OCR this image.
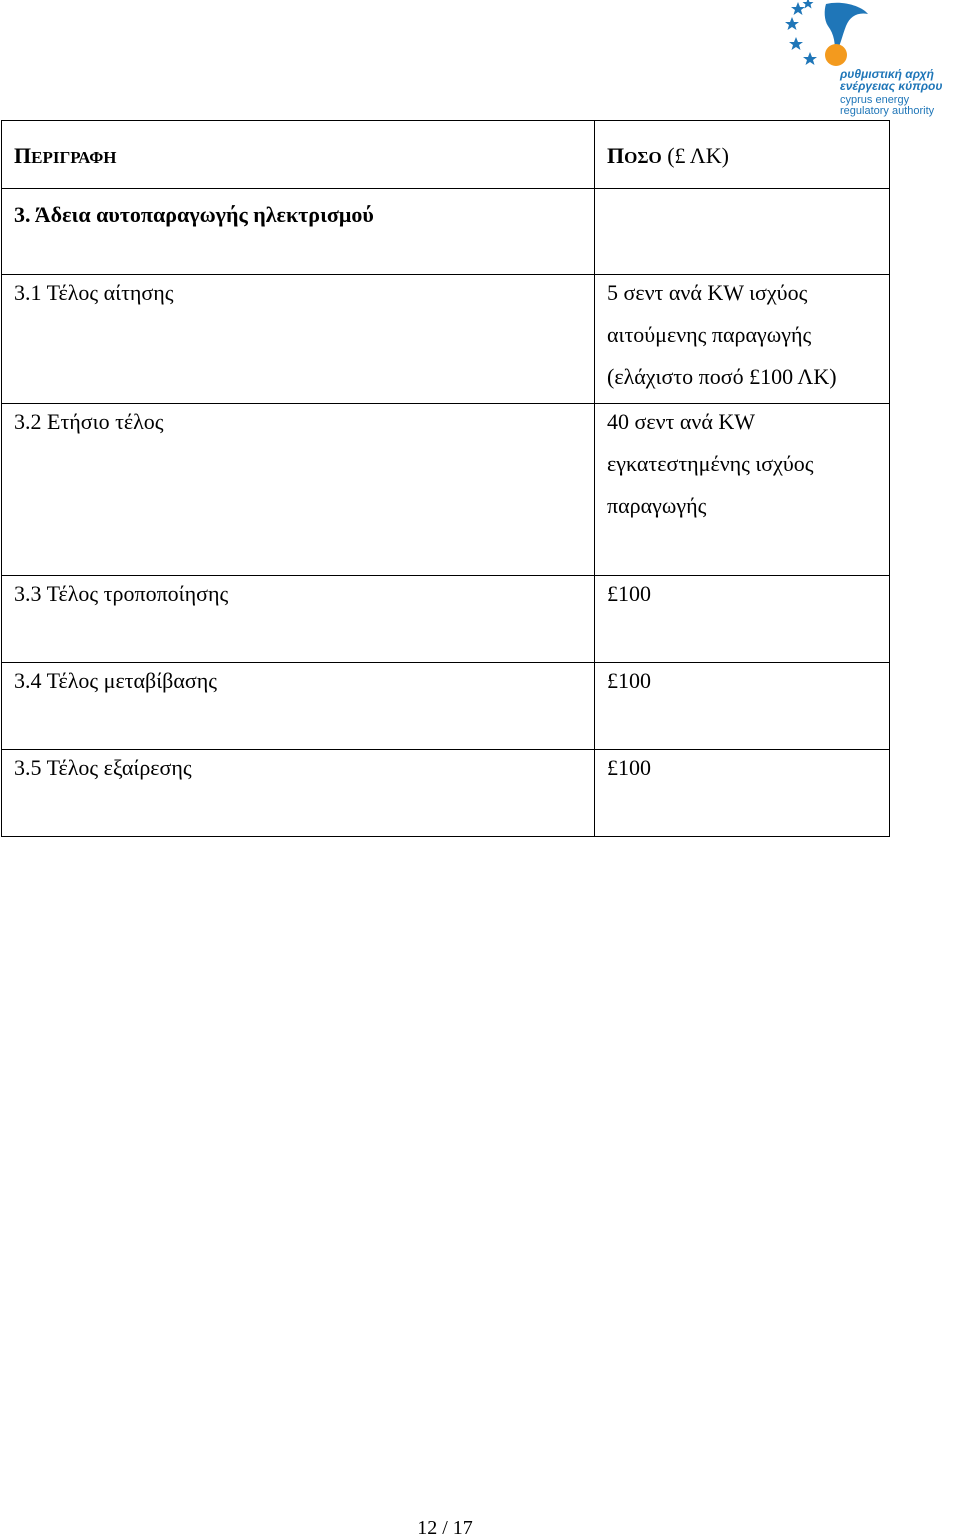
ρυθμιστική αρχή
ενέργειας κύπρου
cyprus energy
regulatory authority
ΠΕΡΙΓΡΑΦΗ	ΠΟΣΟ (£ ΛΚ)

3. Άδεια αυτοπαραγωγής ηλεκτρισμού	

3.1 Τέλος αίτησης	5 σεντ ανά KW ισχύος
αιτούμενης παραγωγής
(ελάχιστο ποσό £100 ΛΚ)

3.2 Ετήσιο τέλος	40 σεντ ανά KW
εγκατεστημένης ισχύος
παραγωγής

3.3 Τέλος τροποποίησης	£100

3.4 Τέλος μεταβίβασης	£100

3.5 Τέλος εξαίρεσης	£100
12 / 17
